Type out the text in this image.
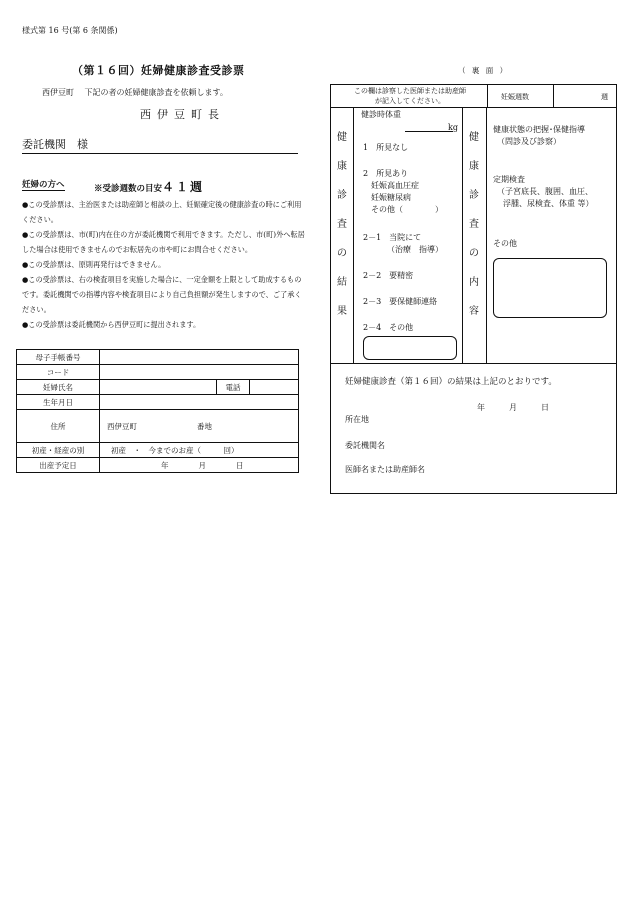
様式第 16 号(第 6 条関係)
（第１６回）妊婦健康診査受診票
西伊豆町　 下記の者の妊婦健康診査を依頼します。
西伊豆町長
委託機関　様
妊婦の方へ	※受診週数の目安４１週
●この受診票は、主治医または助産師と相談の上、妊娠確定後の健康診査の時にご利用ください。
●この受診票は、市(町)内在住の方が委託機関で利用できます。ただし、市(町)外へ転居した場合は使用できませんのでお転居先の市や町にお問合せください。
●この受診票は、原則再発行はできません。
●この受診票は、右の検査項目を実施した場合に、一定金額を上限として助成するものです。委託機関での指導内容や検査項目により自己負担額が発生しますので、ご了承ください。
●この受診票は委託機関から西伊豆町に提出されます。
母子手帳番号			
コード			
妊婦氏名		電話	
生年月日			
住所	西伊豆町 番地		
初産・経産の別	初産　・　今までのお産（　　　回）		
出産予定日	年　　　　月　　　　日		
（ 裏 面 ）
この欄は診察した医師または助産師
が記入してください。	妊娠週数	週
健
康
診
査
の
結
果
健診時体重
kg
1　所見なし
2　所見あり
妊娠高血圧症
妊娠糖尿病
その他（　　　　）
2－1　当院にて
（治療　指導）
2－2　要精密
2－3　要保健師連絡
2－4　その他
健
康
診
査
の
内
容
健康状態の把握･保健指導
（問診及び診察）
定期検査
（子宮底長、腹囲、血圧、
浮腫、尿検査、体重 等）
その他
妊婦健康診査（第１６回）の結果は上記のとおりです。
年　　　月　　　日
所在地
委託機関名
医師名または助産師名
